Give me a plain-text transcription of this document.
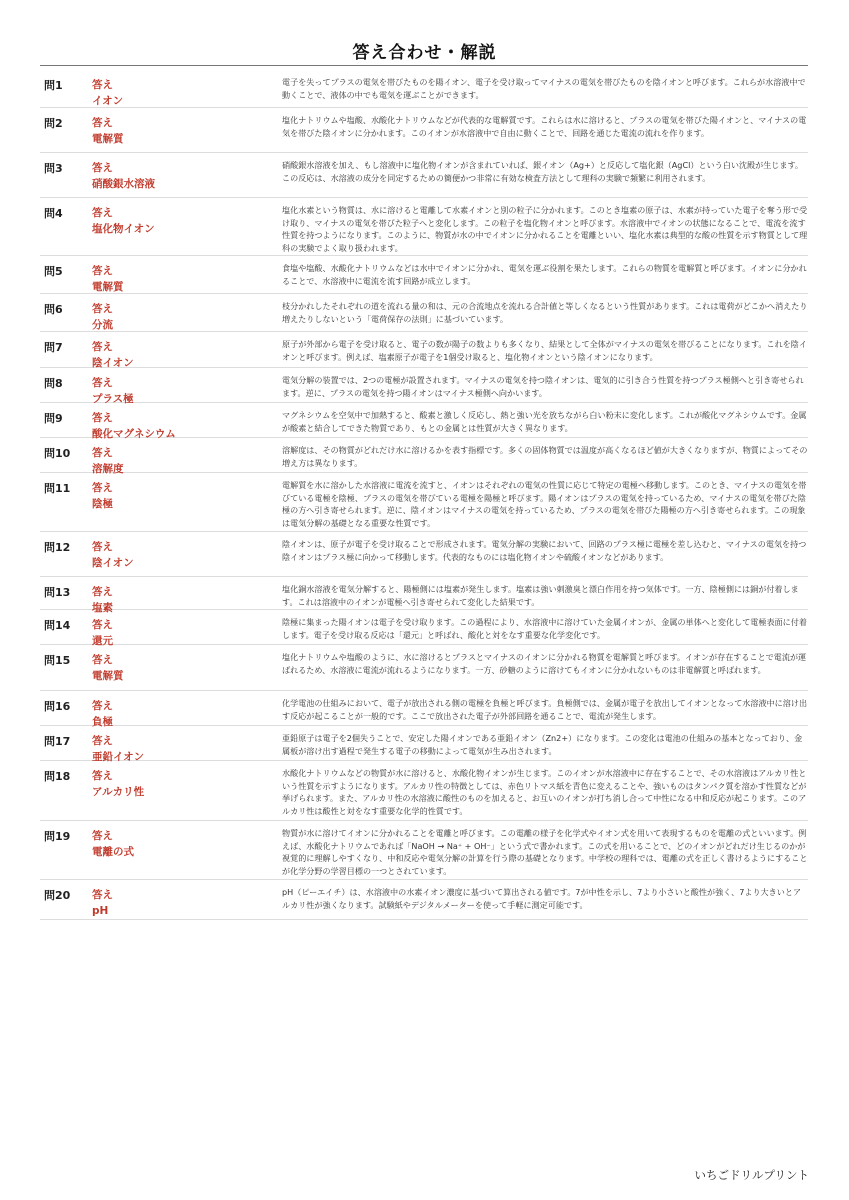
答え合わせ・解説
問1	答え
イオン
電子を失ってプラスの電気を帯びたものを陽イオン、電子を受け取ってマイナスの電気を帯びたものを陰イオンと呼びます。これらが水溶液中で動くことで、液体の中でも電気を運ぶことができます。
問2	答え
電解質
塩化ナトリウムや塩酸、水酸化ナトリウムなどが代表的な電解質です。これらは水に溶けると、プラスの電気を帯びた陽イオンと、マイナスの電気を帯びた陰イオンに分かれます。このイオンが水溶液中で自由に動くことで、回路を通じた電流の流れを作ります。
問3	答え
硝酸銀水溶液
硝酸銀水溶液を加え、もし溶液中に塩化物イオンが含まれていれば、銀イオン（Ag+）と反応して塩化銀（AgCl）という白い沈殿が生じます。この反応は、水溶液の成分を同定するための簡便かつ非常に有効な検査方法として理科の実験で頻繁に利用されます。
問4	答え
塩化物イオン
塩化水素という物質は、水に溶けると電離して水素イオンと別の粒子に分かれます。このとき塩素の原子は、水素が持っていた電子を奪う形で受け取り、マイナスの電気を帯びた粒子へと変化します。この粒子を塩化物イオンと呼びます。水溶液中でイオンの状態になることで、電流を流す性質を持つようになります。このように、物質が水の中でイオンに分かれることを電離といい、塩化水素は典型的な酸の性質を示す物質として理科の実験でよく取り扱われます。
問5	答え
電解質
食塩や塩酸、水酸化ナトリウムなどは水中でイオンに分かれ、電気を運ぶ役割を果たします。これらの物質を電解質と呼びます。イオンに分かれることで、水溶液中に電流を流す回路が成立します。
問6	答え
分流
枝分かれしたそれぞれの道を流れる量の和は、元の合流地点を流れる合計値と等しくなるという性質があります。これは電荷がどこかへ消えたり増えたりしないという「電荷保存の法則」に基づいています。
問7	答え
陰イオン
原子が外部から電子を受け取ると、電子の数が陽子の数よりも多くなり、結果として全体がマイナスの電気を帯びることになります。これを陰イオンと呼びます。例えば、塩素原子が電子を1個受け取ると、塩化物イオンという陰イオンになります。
問8	答え
プラス極
電気分解の装置では、2つの電極が設置されます。マイナスの電気を持つ陰イオンは、電気的に引き合う性質を持つプラス極側へと引き寄せられます。逆に、プラスの電気を持つ陽イオンはマイナス極側へ向かいます。
問9	答え
酸化マグネシウム
マグネシウムを空気中で加熱すると、酸素と激しく反応し、熱と強い光を放ちながら白い粉末に変化します。これが酸化マグネシウムです。金属が酸素と結合してできた物質であり、もとの金属とは性質が大きく異なります。
問10	答え
溶解度
溶解度は、その物質がどれだけ水に溶けるかを表す指標です。多くの固体物質では温度が高くなるほど値が大きくなりますが、物質によってその増え方は異なります。
問11	答え
陰極
電解質を水に溶かした水溶液に電流を流すと、イオンはそれぞれの電気の性質に応じて特定の電極へ移動します。このとき、マイナスの電気を帯びている電極を陰極、プラスの電気を帯びている電極を陽極と呼びます。陽イオンはプラスの電気を持っているため、マイナスの電気を帯びた陰極の方へ引き寄せられます。逆に、陰イオンはマイナスの電気を持っているため、プラスの電気を帯びた陽極の方へ引き寄せられます。この現象は電気分解の基礎となる重要な性質です。
問12	答え
陰イオン
陰イオンは、原子が電子を受け取ることで形成されます。電気分解の実験において、回路のプラス極に電極を差し込むと、マイナスの電気を持つ陰イオンはプラス極に向かって移動します。代表的なものには塩化物イオンや硫酸イオンなどがあります。
問13	答え
塩素
塩化銅水溶液を電気分解すると、陽極側には塩素が発生します。塩素は強い刺激臭と漂白作用を持つ気体です。一方、陰極側には銅が付着します。これは溶液中のイオンが電極へ引き寄せられて変化した結果です。
問14	答え
還元
陰極に集まった陽イオンは電子を受け取ります。この過程により、水溶液中に溶けていた金属イオンが、金属の単体へと変化して電極表面に付着します。電子を受け取る反応は「還元」と呼ばれ、酸化と対をなす重要な化学変化です。
問15	答え
電解質
塩化ナトリウムや塩酸のように、水に溶けるとプラスとマイナスのイオンに分かれる物質を電解質と呼びます。イオンが存在することで電流が運ばれるため、水溶液に電流が流れるようになります。一方、砂糖のように溶けてもイオンに分かれないものは非電解質と呼ばれます。
問16	答え
負極
化学電池の仕組みにおいて、電子が放出される側の電極を負極と呼びます。負極側では、金属が電子を放出してイオンとなって水溶液中に溶け出す反応が起こることが一般的です。ここで放出された電子が外部回路を通ることで、電流が発生します。
問17	答え
亜鉛イオン
亜鉛原子は電子を2個失うことで、安定した陽イオンである亜鉛イオン（Zn2+）になります。この変化は電池の仕組みの基本となっており、金属板が溶け出す過程で発生する電子の移動によって電気が生み出されます。
問18	答え
アルカリ性
水酸化ナトリウムなどの物質が水に溶けると、水酸化物イオンが生じます。このイオンが水溶液中に存在することで、その水溶液はアルカリ性という性質を示すようになります。アルカリ性の特徴としては、赤色リトマス紙を青色に変えることや、強いものはタンパク質を溶かす性質などが挙げられます。また、アルカリ性の水溶液に酸性のものを加えると、お互いのイオンが打ち消し合って中性になる中和反応が起こります。このアルカリ性は酸性と対をなす重要な化学的性質です。
問19	答え
電離の式
物質が水に溶けてイオンに分かれることを電離と呼びます。この電離の様子を化学式やイオン式を用いて表現するものを電離の式といいます。例えば、水酸化ナトリウムであれば「NaOH → Na⁺ + OH⁻」という式で書かれます。この式を用いることで、どのイオンがどれだけ生じるのかが視覚的に理解しやすくなり、中和反応や電気分解の計算を行う際の基礎となります。中学校の理科では、電離の式を正しく書けるようにすることが化学分野の学習目標の一つとされています。
問20	答え
pH
pH（ピーエイチ）は、水溶液中の水素イオン濃度に基づいて算出される値です。7が中性を示し、7より小さいと酸性が強く、7より大きいとアルカリ性が強くなります。試験紙やデジタルメーターを使って手軽に測定可能です。
いちごドリルプリント
